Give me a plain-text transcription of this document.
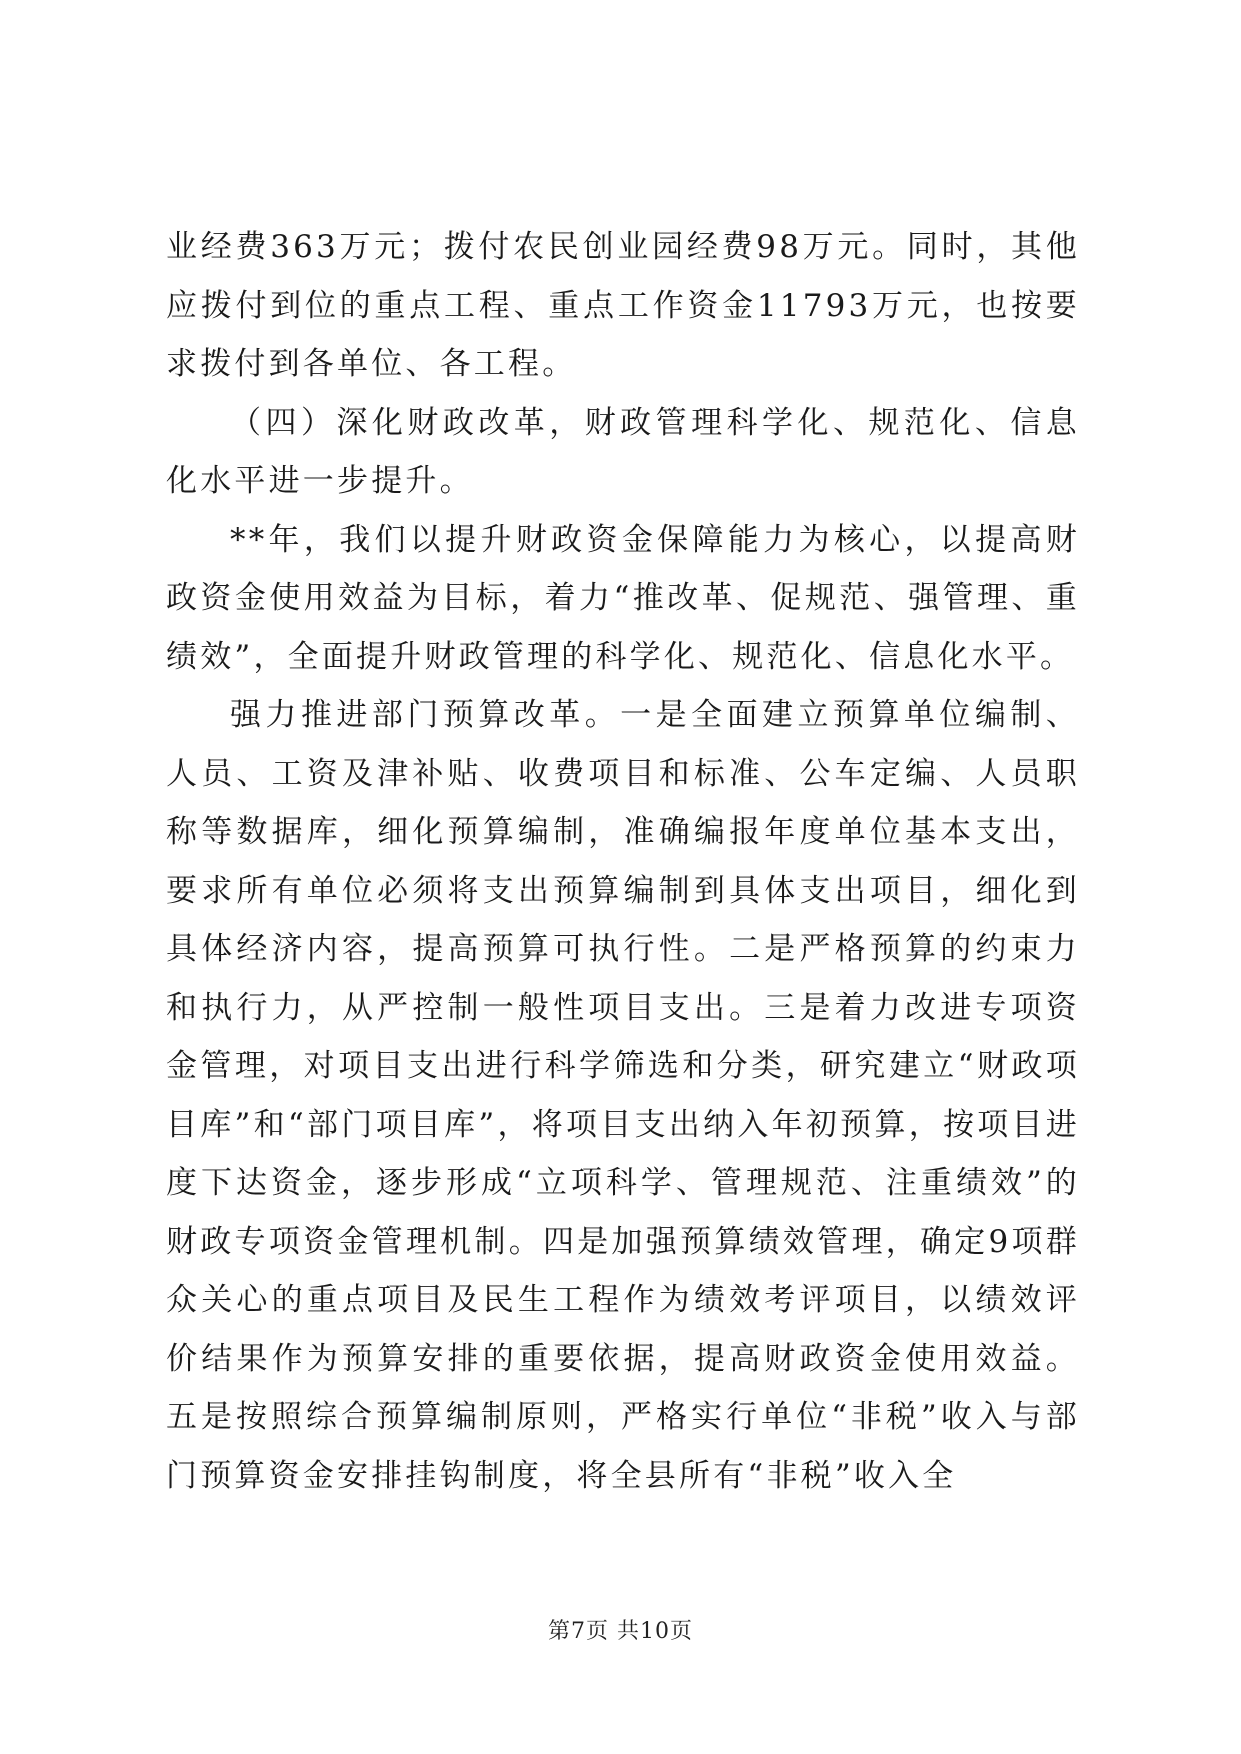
业经费363万元；拨付农民创业园经费98万元。同时，其他应拨付到位的重点工程、重点工作资金11793万元，也按要求拨付到各单位、各工程。

（四）深化财政改革，财政管理科学化、规范化、信息化水平进一步提升。

**年，我们以提升财政资金保障能力为核心，以提高财政资金使用效益为目标，着力“推改革、促规范、强管理、重绩效”，全面提升财政管理的科学化、规范化、信息化水平。

强力推进部门预算改革。一是全面建立预算单位编制、人员、工资及津补贴、收费项目和标准、公车定编、人员职称等数据库，细化预算编制，准确编报年度单位基本支出，要求所有单位必须将支出预算编制到具体支出项目，细化到具体经济内容，提高预算可执行性。二是严格预算的约束力和执行力，从严控制一般性项目支出。三是着力改进专项资金管理，对项目支出进行科学筛选和分类，研究建立“财政项目库”和“部门项目库”，将项目支出纳入年初预算，按项目进度下达资金，逐步形成“立项科学、管理规范、注重绩效”的财政专项资金管理机制。四是加强预算绩效管理，确定9项群众关心的重点项目及民生工程作为绩效考评项目，以绩效评价结果作为预算安排的重要依据，提高财政资金使用效益。五是按照综合预算编制原则，严格实行单位“非税”收入与部门预算资金安排挂钩制度，将全县所有“非税”收入全

第7页 共10页
